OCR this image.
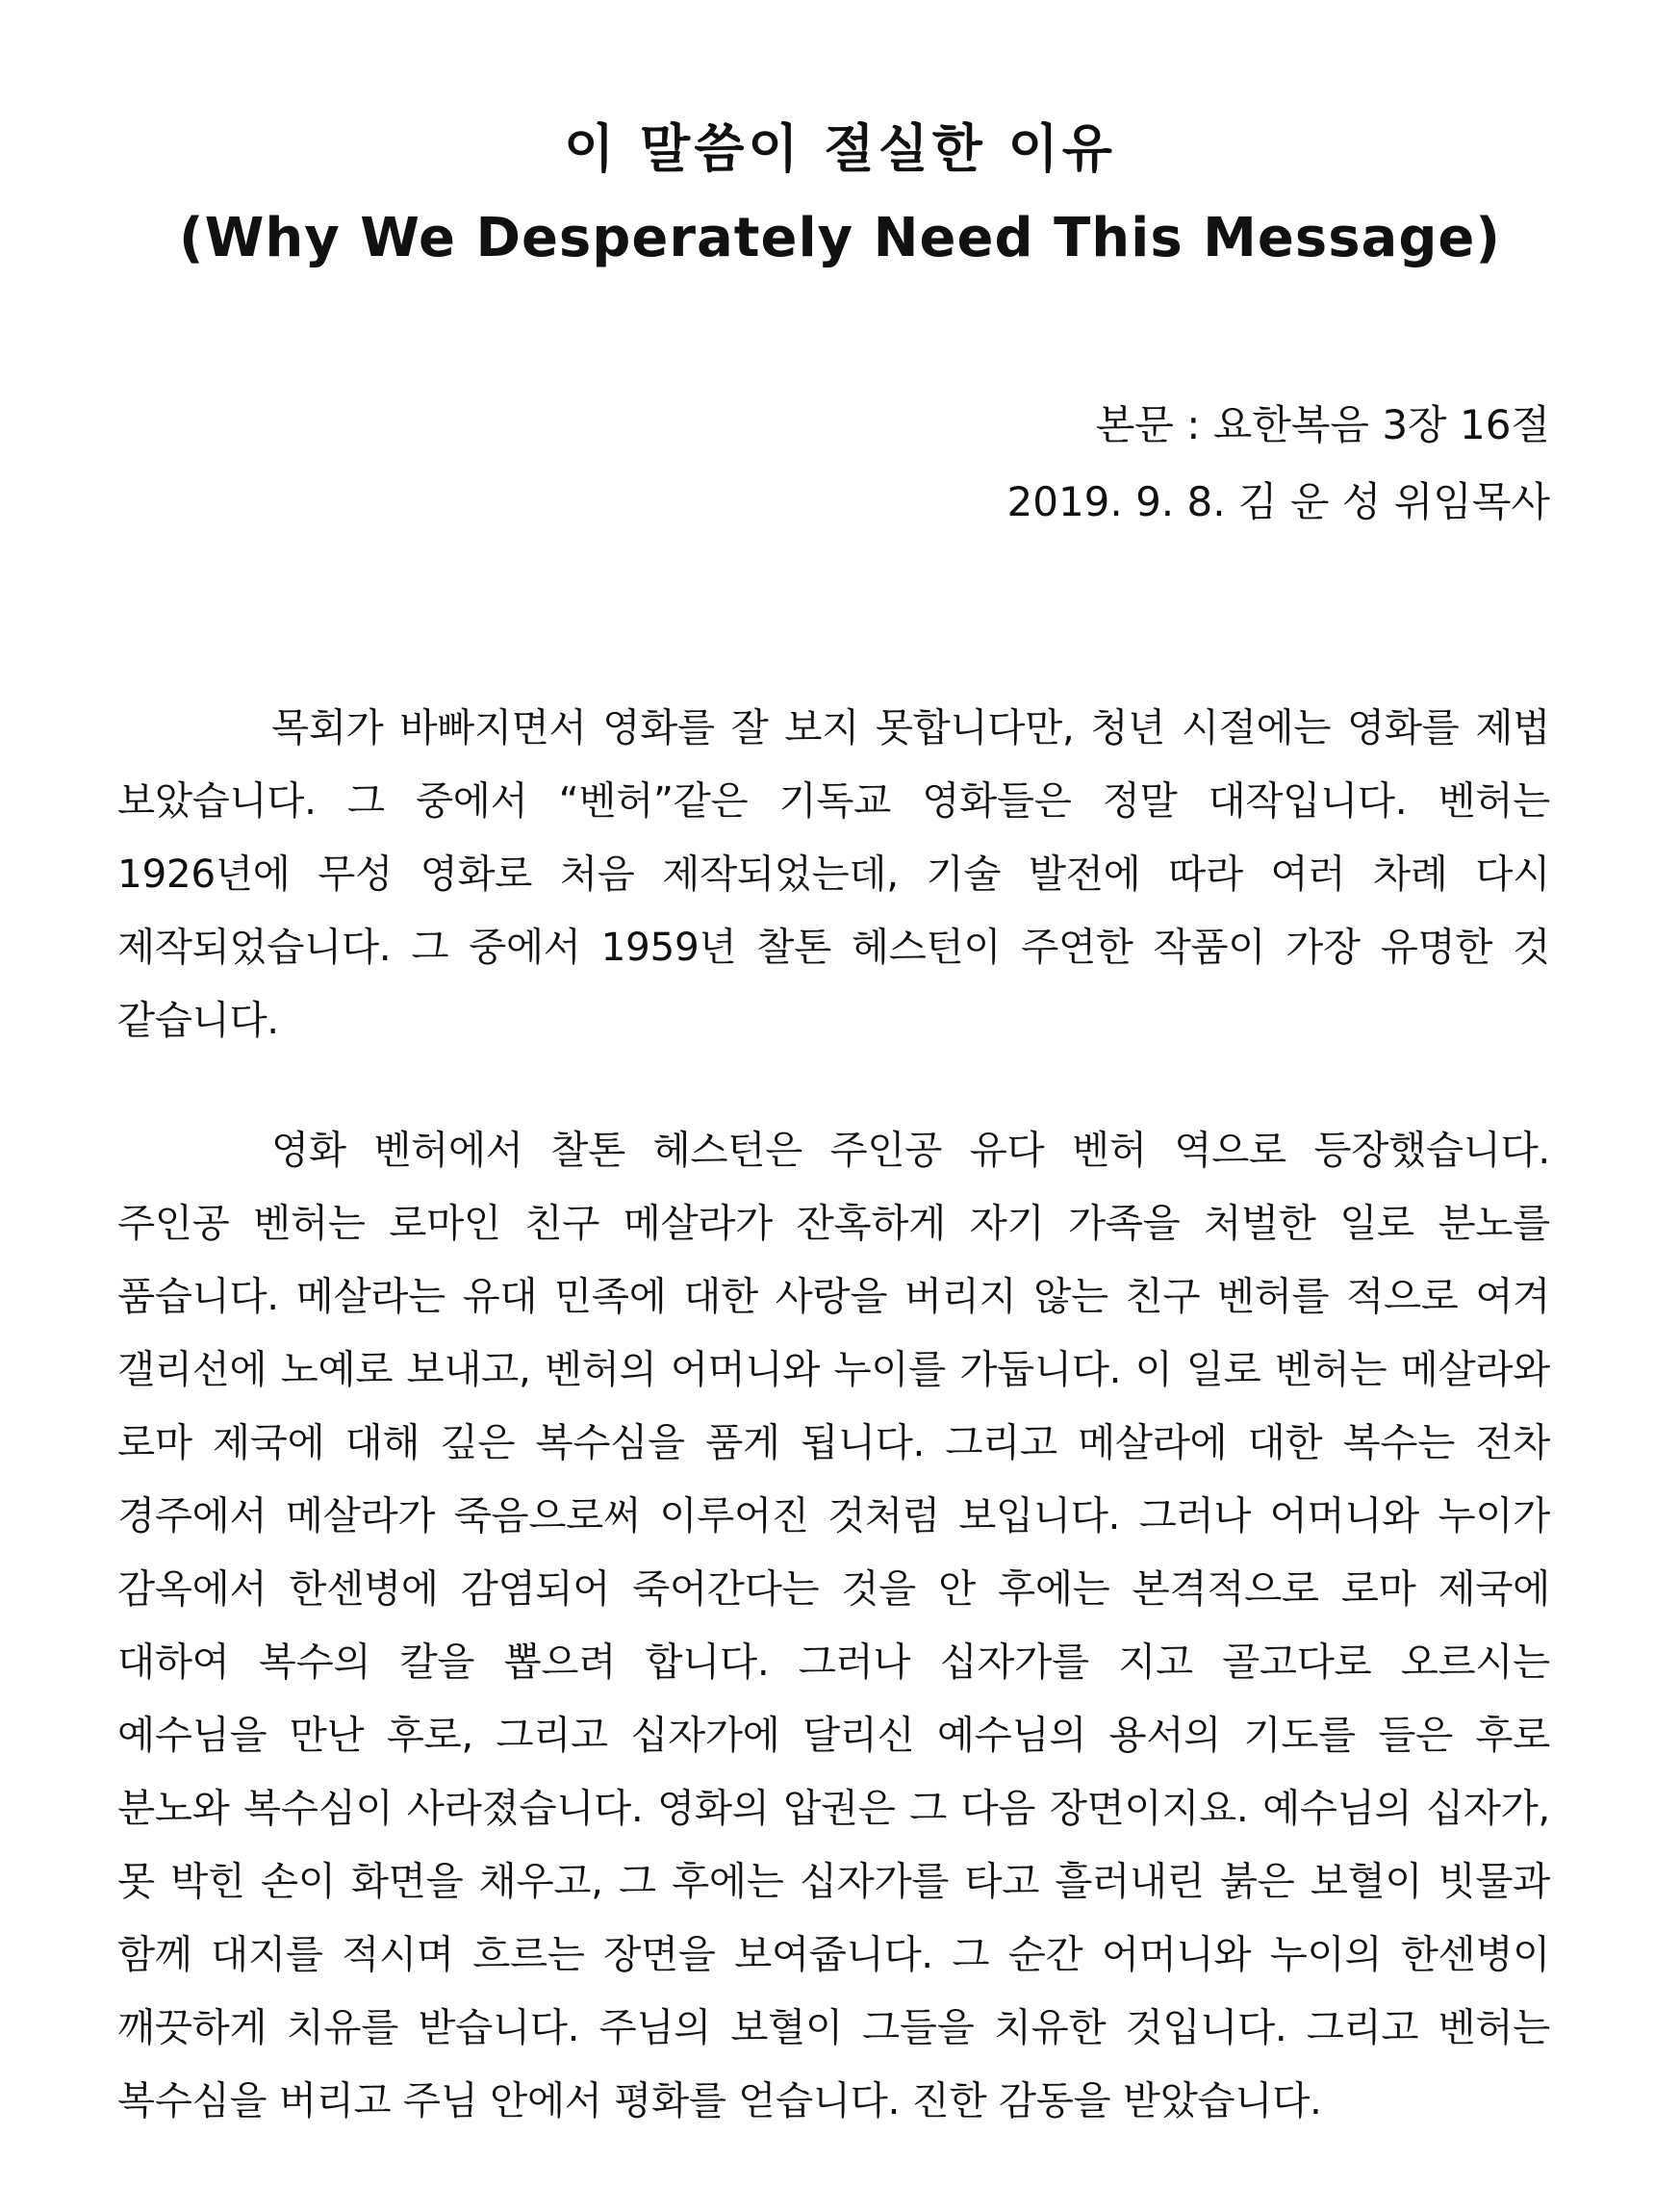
이 말씀이 절실한 이유
(Why We Desperately Need This Message)

본문 : 요한복음 3장 16절

2019. 9. 8. 김 운 성 위임목사

목회가 바빠지면서 영화를 잘 보지 못합니다만, 청년 시절에는 영화를 제법 보았습니다. 그 중에서 “벤허”같은 기독교 영화들은 정말 대작입니다. 벤허는 1926년에 무성 영화로 처음 제작되었는데, 기술 발전에 따라 여러 차례 다시 제작되었습니다. 그 중에서 1959년 찰톤 헤스턴이 주연한 작품이 가장 유명한 것 같습니다.

영화 벤허에서 찰톤 헤스턴은 주인공 유다 벤허 역으로 등장했습니다. 주인공 벤허는 로마인 친구 메살라가 잔혹하게 자기 가족을 처벌한 일로 분노를 품습니다. 메살라는 유대 민족에 대한 사랑을 버리지 않는 친구 벤허를 적으로 여겨 갤리선에 노예로 보내고, 벤허의 어머니와 누이를 가둡니다. 이 일로 벤허는 메살라와 로마 제국에 대해 깊은 복수심을 품게 됩니다. 그리고 메살라에 대한 복수는 전차 경주에서 메살라가 죽음으로써 이루어진 것처럼 보입니다. 그러나 어머니와 누이가 감옥에서 한센병에 감염되어 죽어간다는 것을 안 후에는 본격적으로 로마 제국에 대하여 복수의 칼을 뽑으려 합니다. 그러나 십자가를 지고 골고다로 오르시는 예수님을 만난 후로, 그리고 십자가에 달리신 예수님의 용서의 기도를 들은 후로 분노와 복수심이 사라졌습니다. 영화의 압권은 그 다음 장면이지요. 예수님의 십자가, 못 박힌 손이 화면을 채우고, 그 후에는 십자가를 타고 흘러내린 붉은 보혈이 빗물과 함께 대지를 적시며 흐르는 장면을 보여줍니다. 그 순간 어머니와 누이의 한센병이 깨끗하게 치유를 받습니다. 주님의 보혈이 그들을 치유한 것입니다. 그리고 벤허는 복수심을 버리고 주님 안에서 평화를 얻습니다. 진한 감동을 받았습니다.
